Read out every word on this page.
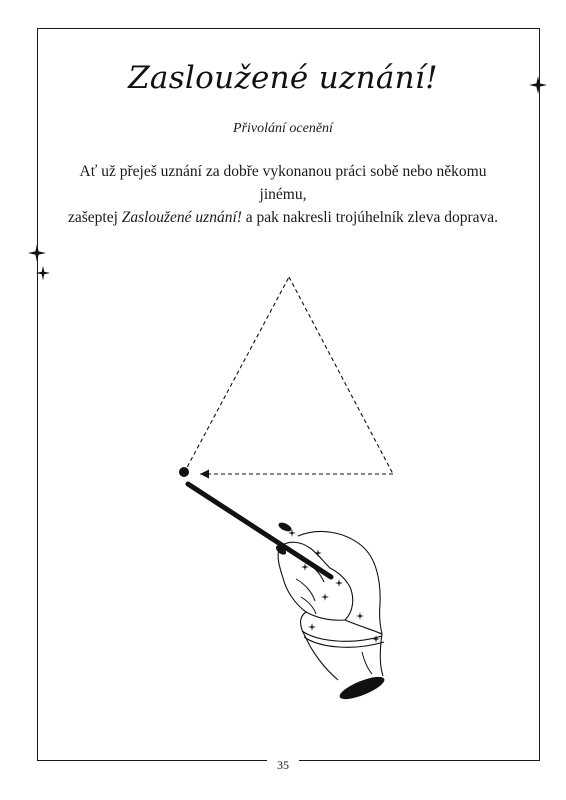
Zasloužené uznání!
Přivolání ocenění
Ať už přeješ uznání za dobře vykonanou práci sobě nebo někomu jinému,
zašeptej Zasloužené uznání! a pak nakresli trojúhelník zleva doprava.
35
